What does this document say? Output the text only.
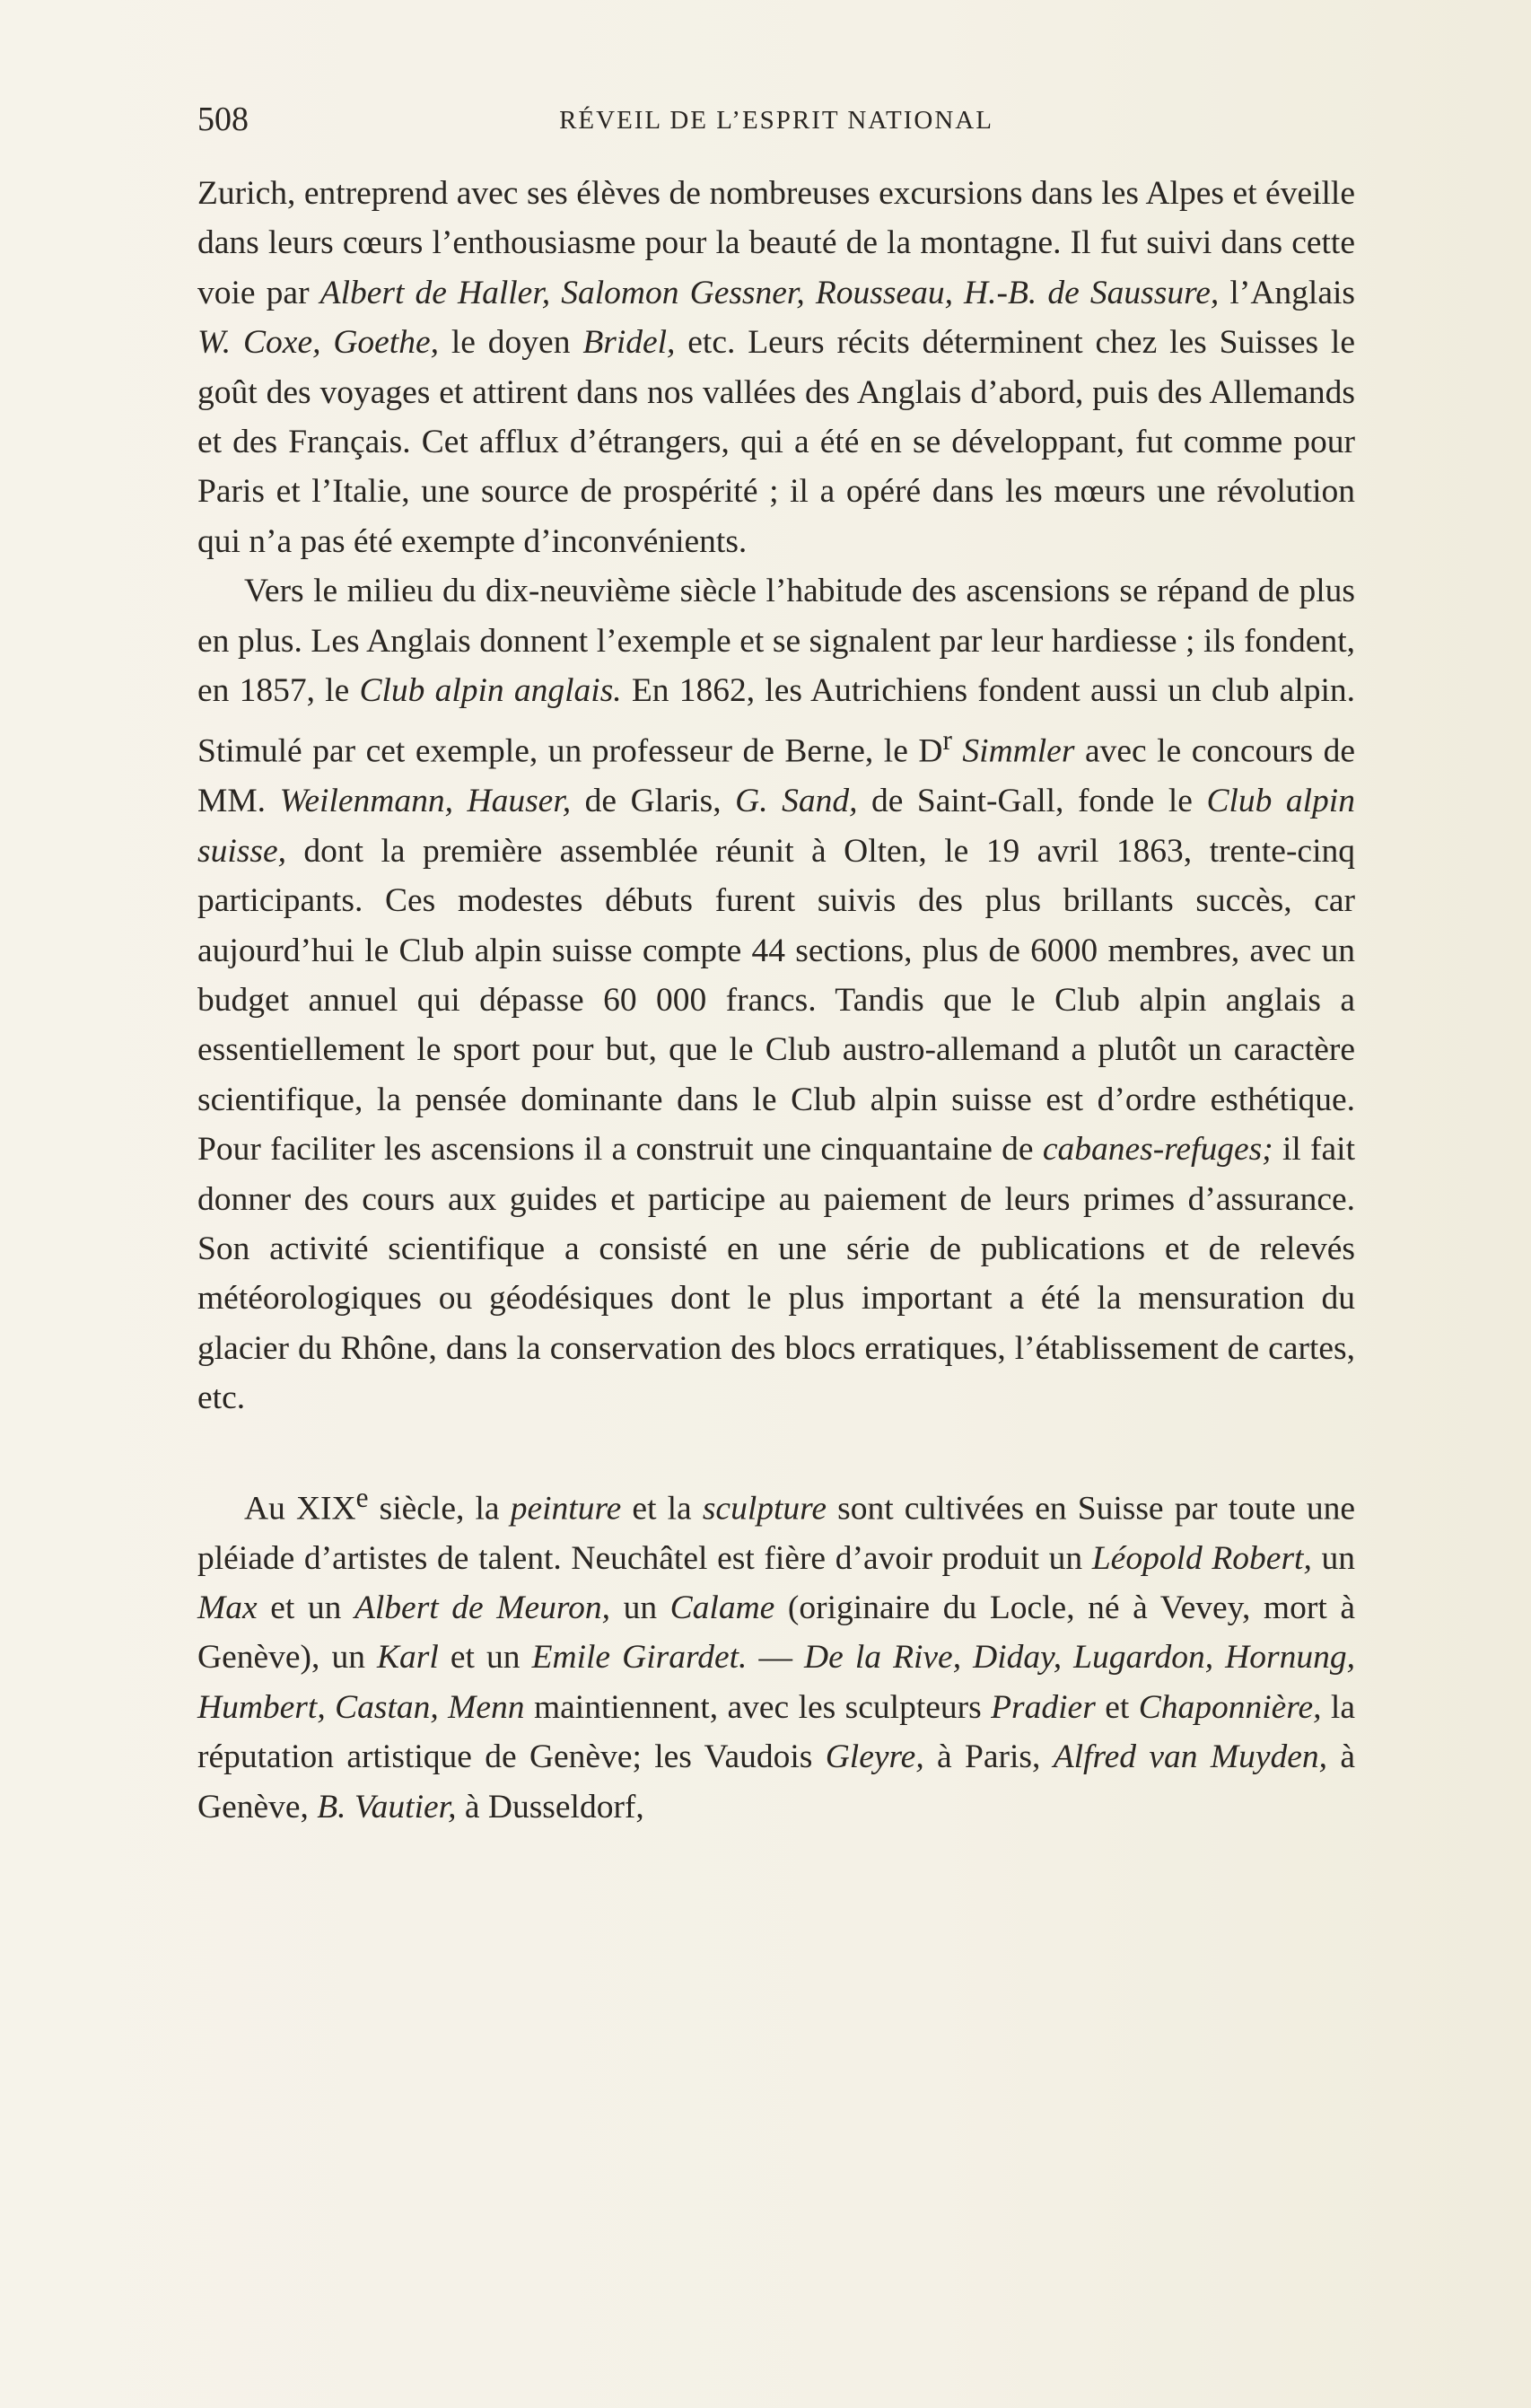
508	RÉVEIL DE L’ESPRIT NATIONAL

Zurich, entreprend avec ses élèves de nombreuses excursions dans les Alpes et éveille dans leurs cœurs l’enthousiasme pour la beauté de la montagne. Il fut suivi dans cette voie par Albert de Haller, Salomon Gessner, Rousseau, H.-B. de Saussure, l’Anglais W. Coxe, Goethe, le doyen Bridel, etc. Leurs récits déterminent chez les Suisses le goût des voyages et attirent dans nos vallées des Anglais d’abord, puis des Allemands et des Français. Cet afflux d’étrangers, qui a été en se développant, fut comme pour Paris et l’Italie, une source de prospérité ; il a opéré dans les mœurs une révolution qui n’a pas été exempte d’inconvénients.

Vers le milieu du dix-neuvième siècle l’habitude des ascensions se répand de plus en plus. Les Anglais donnent l’exemple et se signalent par leur hardiesse ; ils fondent, en 1857, le Club alpin anglais. En 1862, les Autrichiens fondent aussi un club alpin. Stimulé par cet exemple, un professeur de Berne, le $D^r$ Simmler avec le concours de MM. Weilenmann, Hauser, de Glaris, G. Sand, de Saint-Gall, fonde le Club alpin suisse, dont la première assemblée réunit à Olten, le 19 avril 1863, trente-cinq participants. Ces modestes débuts furent suivis des plus brillants succès, car aujourd’hui le Club alpin suisse compte 44 sections, plus de 6000 membres, avec un budget annuel qui dépasse 60 000 francs. Tandis que le Club alpin anglais a essentiellement le sport pour but, que le Club austro-allemand a plutôt un caractère scientifique, la pensée dominante dans le Club alpin suisse est d’ordre esthétique. Pour faciliter les ascensions il a construit une cinquantaine de cabanes-refuges; il fait donner des cours aux guides et participe au paiement de leurs primes d’assurance. Son activité scientifique a consisté en une série de publications et de relevés météorologiques ou géodésiques dont le plus important a été la mensuration du glacier du Rhône, dans la conservation des blocs erratiques, l’établissement de cartes, etc.

Au XIXe siècle, la peinture et la sculpture sont cultivées en Suisse par toute une pléiade d’artistes de talent. Neuchâtel est fière d’avoir produit un Léopold Robert, un Max et un Albert de Meuron, un Calame (originaire du Locle, né à Vevey, mort à Genève), un Karl et un Emile Girardet. — De la Rive, Diday, Lugardon, Hornung, Humbert, Castan, Menn maintiennent, avec les sculpteurs Pradier et Chaponnière, la réputation artistique de Genève; les Vaudois Gleyre, à Paris, Alfred van Muyden, à Genève, B. Vautier, à Dusseldorf,
